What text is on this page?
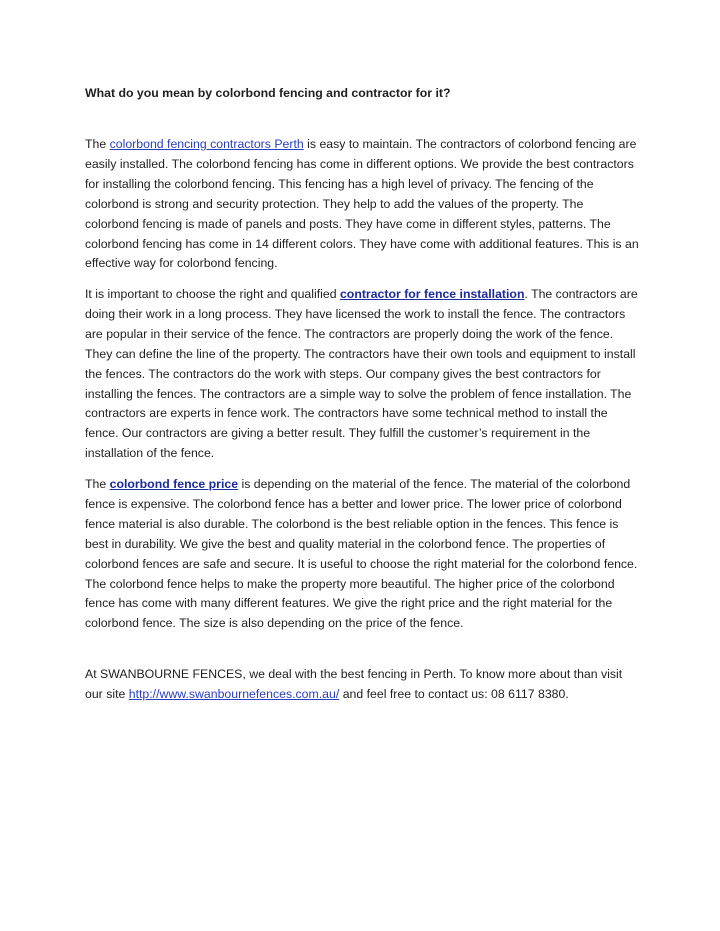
What do you mean by colorbond fencing and contractor for it?

The colorbond fencing contractors Perth is easy to maintain. The contractors of colorbond fencing are easily installed. The colorbond fencing has come in different options. We provide the best contractors for installing the colorbond fencing. This fencing has a high level of privacy. The fencing of the colorbond is strong and security protection. They help to add the values of the property. The colorbond fencing is made of panels and posts. They have come in different styles, patterns. The colorbond fencing has come in 14 different colors. They have come with additional features. This is an effective way for colorbond fencing.

It is important to choose the right and qualified contractor for fence installation. The contractors are doing their work in a long process. They have licensed the work to install the fence. The contractors are popular in their service of the fence. The contractors are properly doing the work of the fence. They can define the line of the property. The contractors have their own tools and equipment to install the fences. The contractors do the work with steps. Our company gives the best contractors for installing the fences. The contractors are a simple way to solve the problem of fence installation. The contractors are experts in fence work. The contractors have some technical method to install the fence. Our contractors are giving a better result. They fulfill the customer’s requirement in the installation of the fence.

The colorbond fence price is depending on the material of the fence. The material of the colorbond fence is expensive. The colorbond fence has a better and lower price. The lower price of colorbond fence material is also durable. The colorbond is the best reliable option in the fences. This fence is best in durability. We give the best and quality material in the colorbond fence. The properties of colorbond fences are safe and secure. It is useful to choose the right material for the colorbond fence. The colorbond fence helps to make the property more beautiful. The higher price of the colorbond fence has come with many different features. We give the right price and the right material for the colorbond fence. The size is also depending on the price of the fence.

At SWANBOURNE FENCES, we deal with the best fencing in Perth. To know more about than visit our site http://www.swanbournefences.com.au/ and feel free to contact us: 08 6117 8380.
